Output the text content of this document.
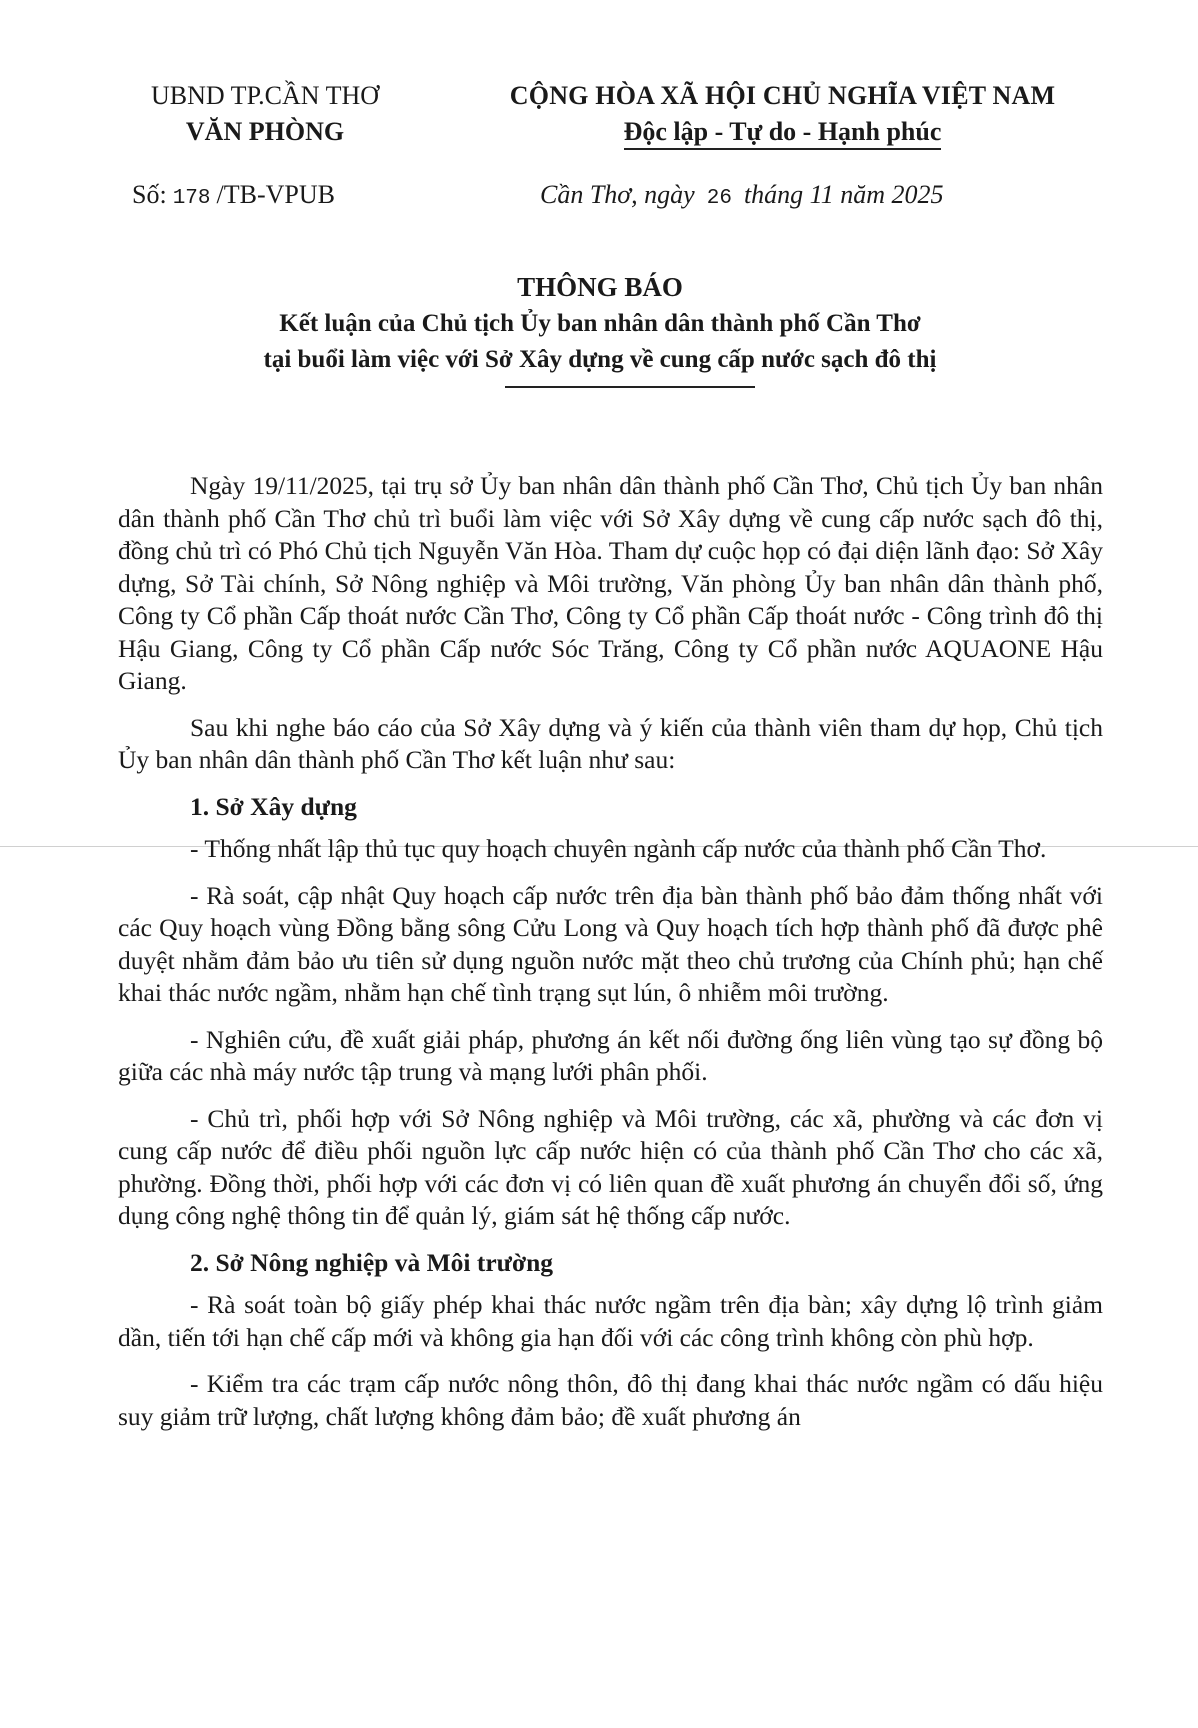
UBND TP.CẦN THƠ
VĂN PHÒNG
CỘNG HÒA XÃ HỘI CHỦ NGHĨA VIỆT NAM
Độc lập - Tự do - Hạnh phúc
Số: 178 /TB-VPUB	Cần Thơ, ngày 26 tháng 11 năm 2025
THÔNG BÁO
Kết luận của Chủ tịch Ủy ban nhân dân thành phố Cần Thơ
tại buổi làm việc với Sở Xây dựng về cung cấp nước sạch đô thị

Ngày 19/11/2025, tại trụ sở Ủy ban nhân dân thành phố Cần Thơ, Chủ tịch Ủy ban nhân dân thành phố Cần Thơ chủ trì buổi làm việc với Sở Xây dựng về cung cấp nước sạch đô thị, đồng chủ trì có Phó Chủ tịch Nguyễn Văn Hòa. Tham dự cuộc họp có đại diện lãnh đạo: Sở Xây dựng, Sở Tài chính, Sở Nông nghiệp và Môi trường, Văn phòng Ủy ban nhân dân thành phố, Công ty Cổ phần Cấp thoát nước Cần Thơ, Công ty Cổ phần Cấp thoát nước - Công trình đô thị Hậu Giang, Công ty Cổ phần Cấp nước Sóc Trăng, Công ty Cổ phần nước AQUAONE Hậu Giang.

Sau khi nghe báo cáo của Sở Xây dựng và ý kiến của thành viên tham dự họp, Chủ tịch Ủy ban nhân dân thành phố Cần Thơ kết luận như sau:

1. Sở Xây dựng

- Thống nhất lập thủ tục quy hoạch chuyên ngành cấp nước của thành phố Cần Thơ.

- Rà soát, cập nhật Quy hoạch cấp nước trên địa bàn thành phố bảo đảm thống nhất với các Quy hoạch vùng Đồng bằng sông Cửu Long và Quy hoạch tích hợp thành phố đã được phê duyệt nhằm đảm bảo ưu tiên sử dụng nguồn nước mặt theo chủ trương của Chính phủ; hạn chế khai thác nước ngầm, nhằm hạn chế tình trạng sụt lún, ô nhiễm môi trường.

- Nghiên cứu, đề xuất giải pháp, phương án kết nối đường ống liên vùng tạo sự đồng bộ giữa các nhà máy nước tập trung và mạng lưới phân phối.

- Chủ trì, phối hợp với Sở Nông nghiệp và Môi trường, các xã, phường và các đơn vị cung cấp nước để điều phối nguồn lực cấp nước hiện có của thành phố Cần Thơ cho các xã, phường. Đồng thời, phối hợp với các đơn vị có liên quan đề xuất phương án chuyển đổi số, ứng dụng công nghệ thông tin để quản lý, giám sát hệ thống cấp nước.

2. Sở Nông nghiệp và Môi trường

- Rà soát toàn bộ giấy phép khai thác nước ngầm trên địa bàn; xây dựng lộ trình giảm dần, tiến tới hạn chế cấp mới và không gia hạn đối với các công trình không còn phù hợp.

- Kiểm tra các trạm cấp nước nông thôn, đô thị đang khai thác nước ngầm có dấu hiệu suy giảm trữ lượng, chất lượng không đảm bảo; đề xuất phương án
